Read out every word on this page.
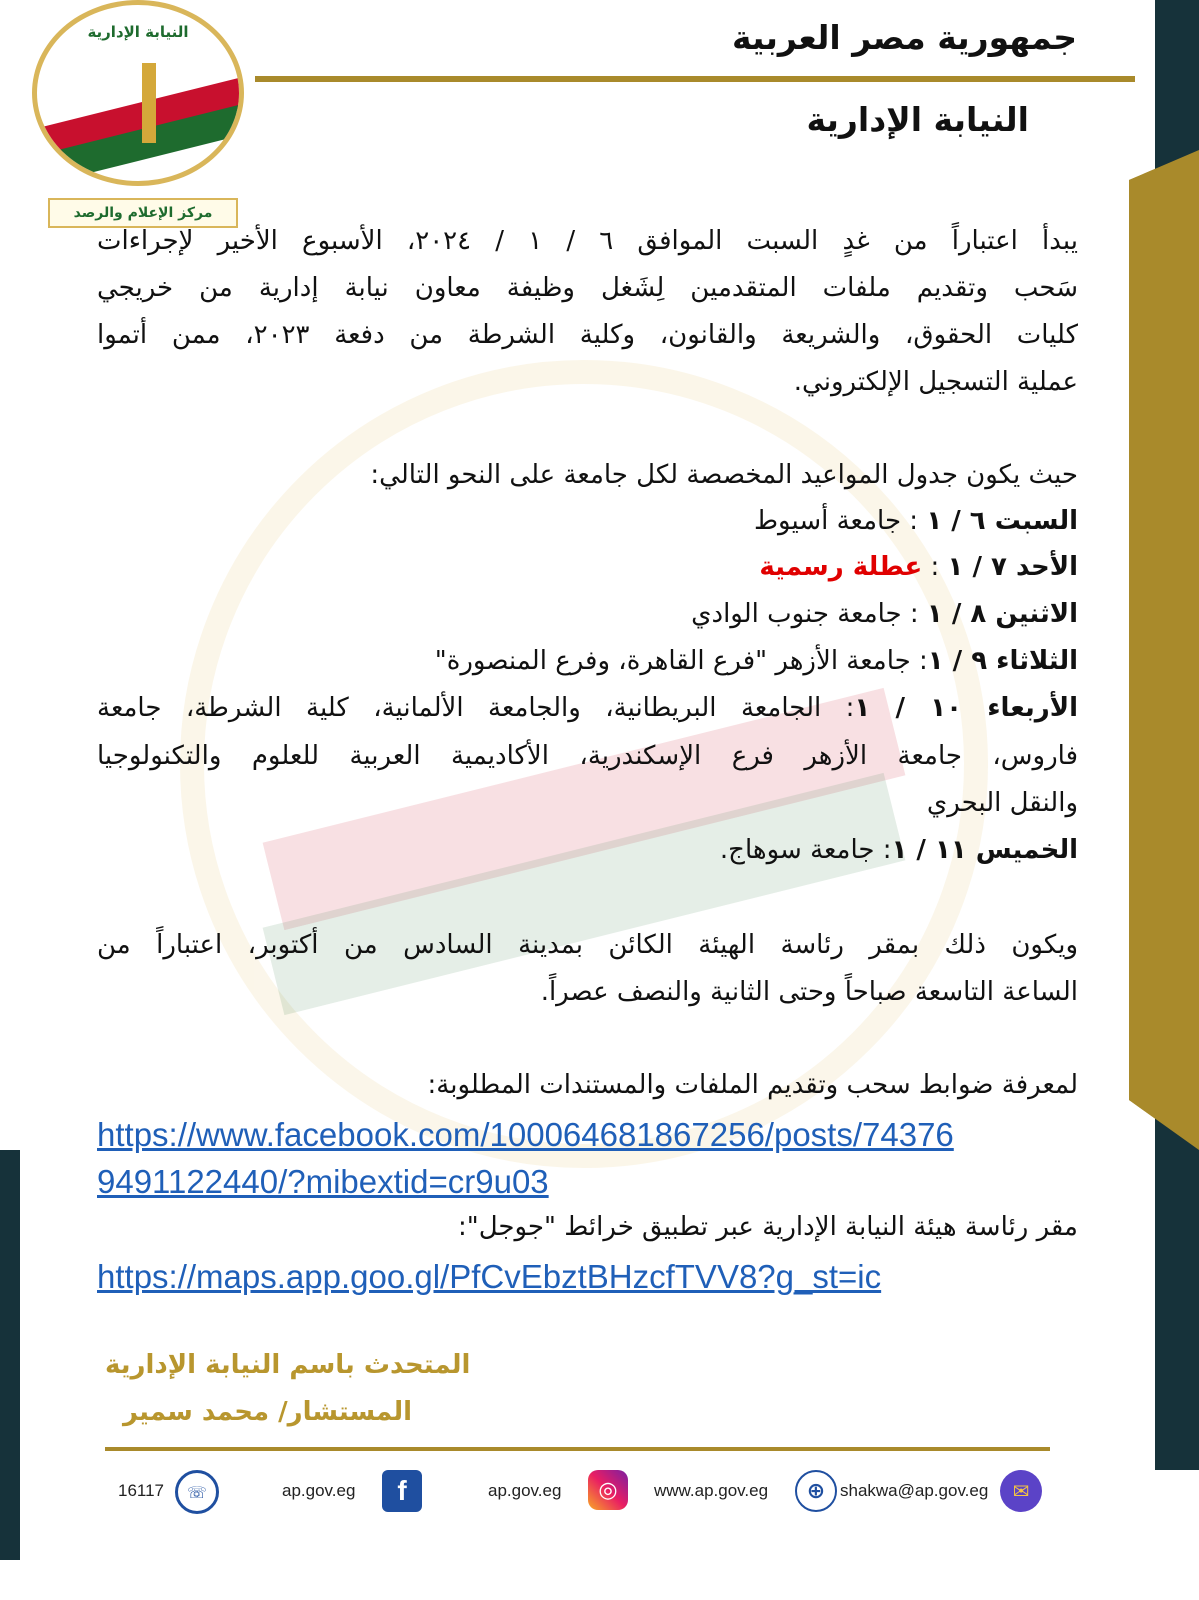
النيابة الإدارية
مركز الإعلام والرصد
جمهورية مصر العربية
النيابة الإدارية
يبدأ اعتباراً من غدٍ السبت الموافق ٦ / ١ / ٢٠٢٤، الأسبوع الأخير لإجراءات
سَحب وتقديم ملفات المتقدمين لِشَغل وظيفة معاون نيابة إدارية من خريجي
كليات الحقوق، والشريعة والقانون، وكلية الشرطة من دفعة ٢٠٢٣، ممن أتموا
عملية التسجيل الإلكتروني.
حيث يكون جدول المواعيد المخصصة لكل جامعة على النحو التالي:
السبت ٦ / ١ : جامعة أسيوط
الأحد ٧ / ١ : عطلة رسمية
الاثنين ٨ / ١ : جامعة جنوب الوادي
الثلاثاء ٩ / ١: جامعة الأزهر "فرع القاهرة، وفرع المنصورة"
الأربعاء ١٠ / ١: الجامعة البريطانية، والجامعة الألمانية، كلية الشرطة، جامعة
فاروس، جامعة الأزهر فرع الإسكندرية، الأكاديمية العربية للعلوم والتكنولوجيا
والنقل البحري
الخميس ١١ / ١: جامعة سوهاج.
ويكون ذلك بمقر رئاسة الهيئة الكائن بمدينة السادس من أكتوبر، اعتباراً من
الساعة التاسعة صباحاً وحتى الثانية والنصف عصراً.
لمعرفة ضوابط سحب وتقديم الملفات والمستندات المطلوبة:
https://www.facebook.com/100064681867256/posts/74376
9491122440/?mibextid=cr9u03
مقر رئاسة هيئة النيابة الإدارية عبر تطبيق خرائط "جوجل":
https://maps.app.goo.gl/PfCvEbztBHzcfTVV8?g_st=ic
المتحدث باسم النيابة الإدارية
المستشار/ محمد سمير
16117	☏	ap.gov.eg	f	ap.gov.eg	◎	www.ap.gov.eg	⊕ shakwa@ap.gov.eg	✉
